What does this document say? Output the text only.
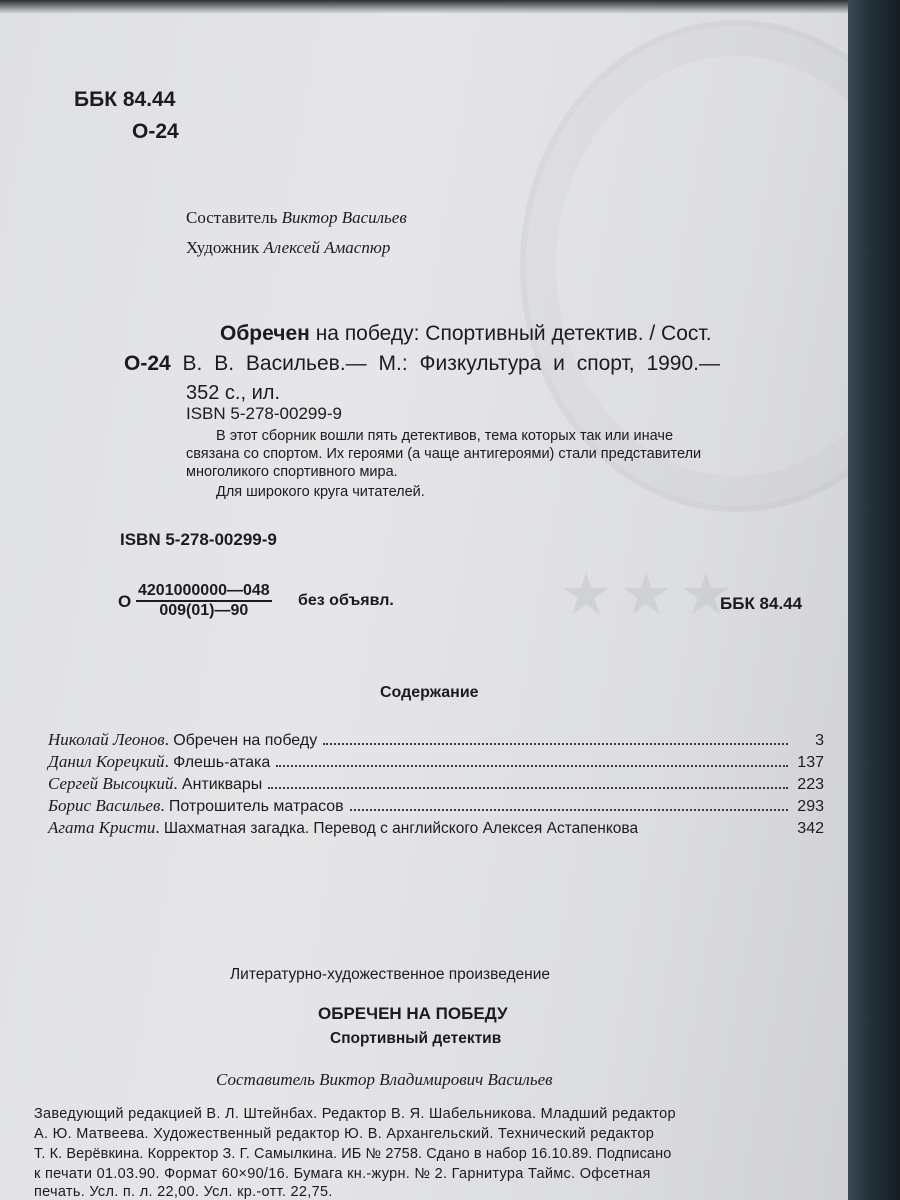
★★★
ББК 84.44
О-24
Составитель Виктор Васильев
Художник Алексей Амаспюр
Обречен на победу: Спортивный детектив. / Сост.
О-24 В. В. Васильев.— М.: Физкультура и спорт, 1990.—
352 с., ил.
ISBN 5-278-00299-9
В этот сборник вошли пять детективов, тема которых так или иначе
связана со спортом. Их героями (а чаще антигероями) стали представители
многоликого спортивного мира.
Для широкого круга читателей.
ISBN 5-278-00299-9
О $\frac{4201000000—048}{009(01)—90}$ без объявл.	ББК 84.44
Содержание
Николай Леонов . Обречен на победу	3
Данил Корецкий . Флешь-атака	137
Сергей Высоцкий . Антиквары	223
Борис Васильев . Потрошитель матрасов	293
Агата Кристи . Шахматная загадка. Перевод с английского Алексея Астапенкова	342
Литературно-художественное произведение
ОБРЕЧЕН НА ПОБЕДУ
Спортивный детектив
Составитель Виктор Владимирович Васильев
Заведующий редакцией В. Л. Штейнбах. Редактор В. Я. Шабельникова. Младший редактор
А. Ю. Матвеева. Художественный редактор Ю. В. Архангельский. Технический редактор
Т. К. Верёвкина. Корректор З. Г. Самылкина. ИБ № 2758. Сдано в набор 16.10.89. Подписано
к печати 01.03.90. Формат 60×90/16. Бумага кн.-журн. № 2. Гарнитура Таймс. Офсетная
печать. Усл. п. л. 22,00. Усл. кр.-отт. 22,75.
